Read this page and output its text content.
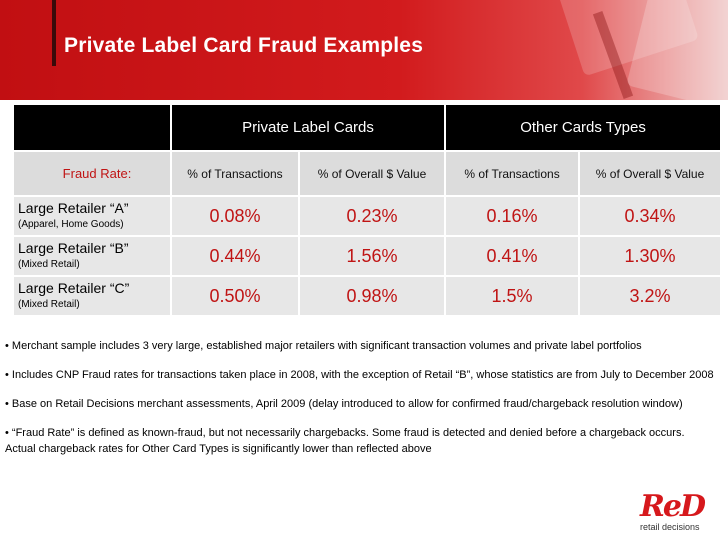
Private Label Card Fraud Examples
	Private Label Cards		Other Cards Types	
Fraud Rate:	% of Transactions	% of Overall $ Value	% of Transactions	% of Overall $ Value

Large Retailer “A”
(Apparel, Home Goods)	0.08%	0.23%	0.16%	0.34%

Large Retailer “B”
(Mixed Retail)	0.44%	1.56%	0.41%	1.30%

Large Retailer “C”
(Mixed Retail)	0.50%	0.98%	1.5%	3.2%

• Merchant sample includes 3 very large, established major retailers with significant transaction volumes and private label portfolios

• Includes CNP Fraud rates for transactions taken place in 2008, with the exception of Retail “B”, whose statistics are from July to December 2008

• Base on Retail Decisions merchant assessments, April 2009 (delay introduced to allow for confirmed fraud/chargeback resolution window)

• “Fraud Rate” is defined as known-fraud, but not necessarily chargebacks. Some fraud is detected and denied before a chargeback occurs. Actual chargeback rates for Other Card Types is significantly lower than reflected above

ReD
retail decisions
